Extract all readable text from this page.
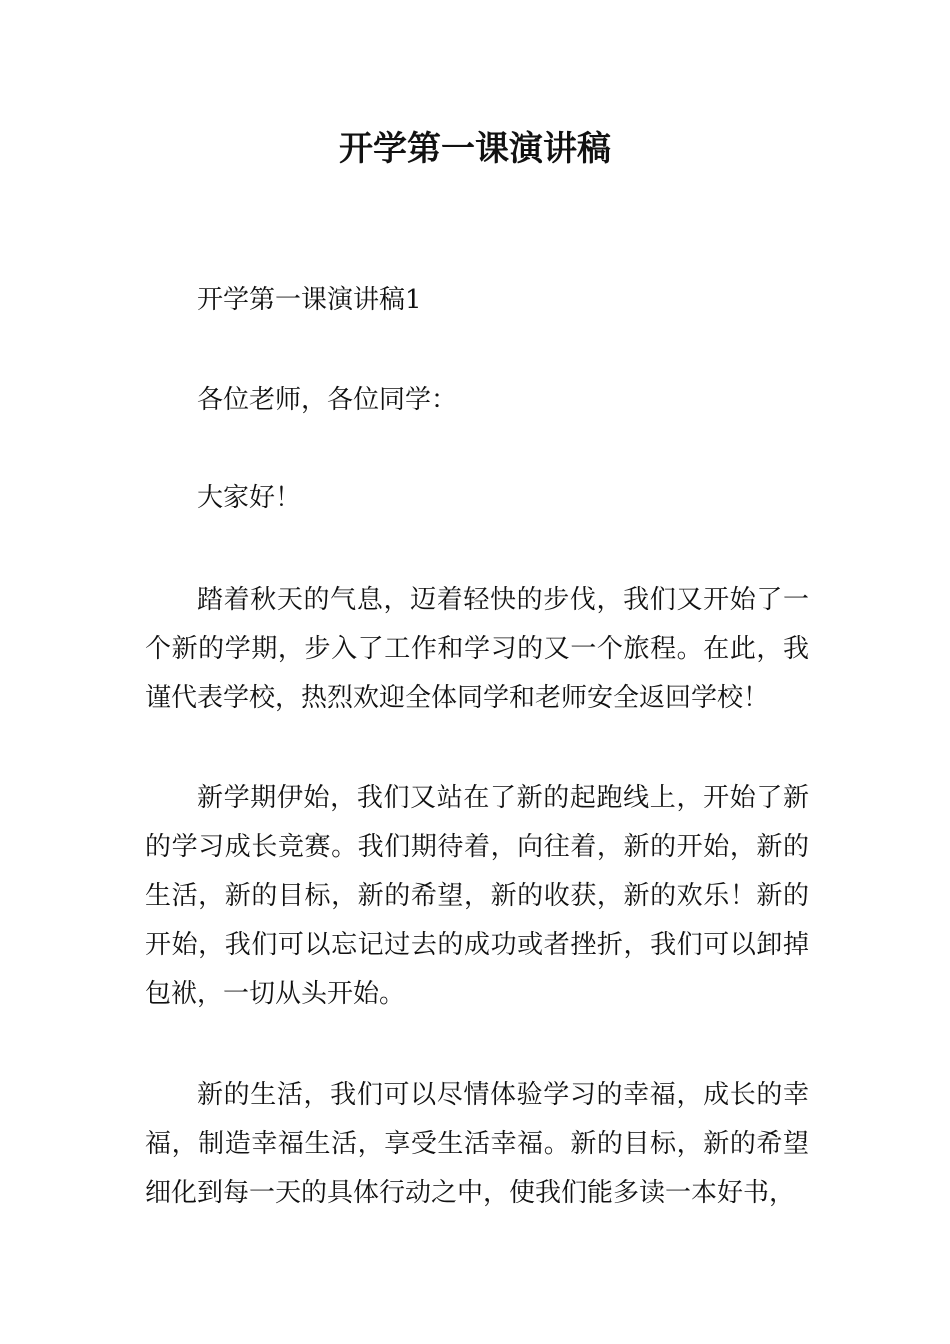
开学第一课演讲稿

开学第一课演讲稿1

各位老师，各位同学：

大家好！

踏着秋天的气息，迈着轻快的步伐，我们又开始了一个新的学期，步入了工作和学习的又一个旅程。在此，我谨代表学校，热烈欢迎全体同学和老师安全返回学校！

新学期伊始，我们又站在了新的起跑线上，开始了新的学习成长竞赛。我们期待着，向往着，新的开始，新的生活，新的目标，新的希望，新的收获，新的欢乐！新的开始，我们可以忘记过去的成功或者挫折，我们可以卸掉包袱，一切从头开始。

新的生活，我们可以尽情体验学习的幸福，成长的幸福，制造幸福生活，享受生活幸福。新的目标，新的希望细化到每一天的具体行动之中，使我们能多读一本好书，
